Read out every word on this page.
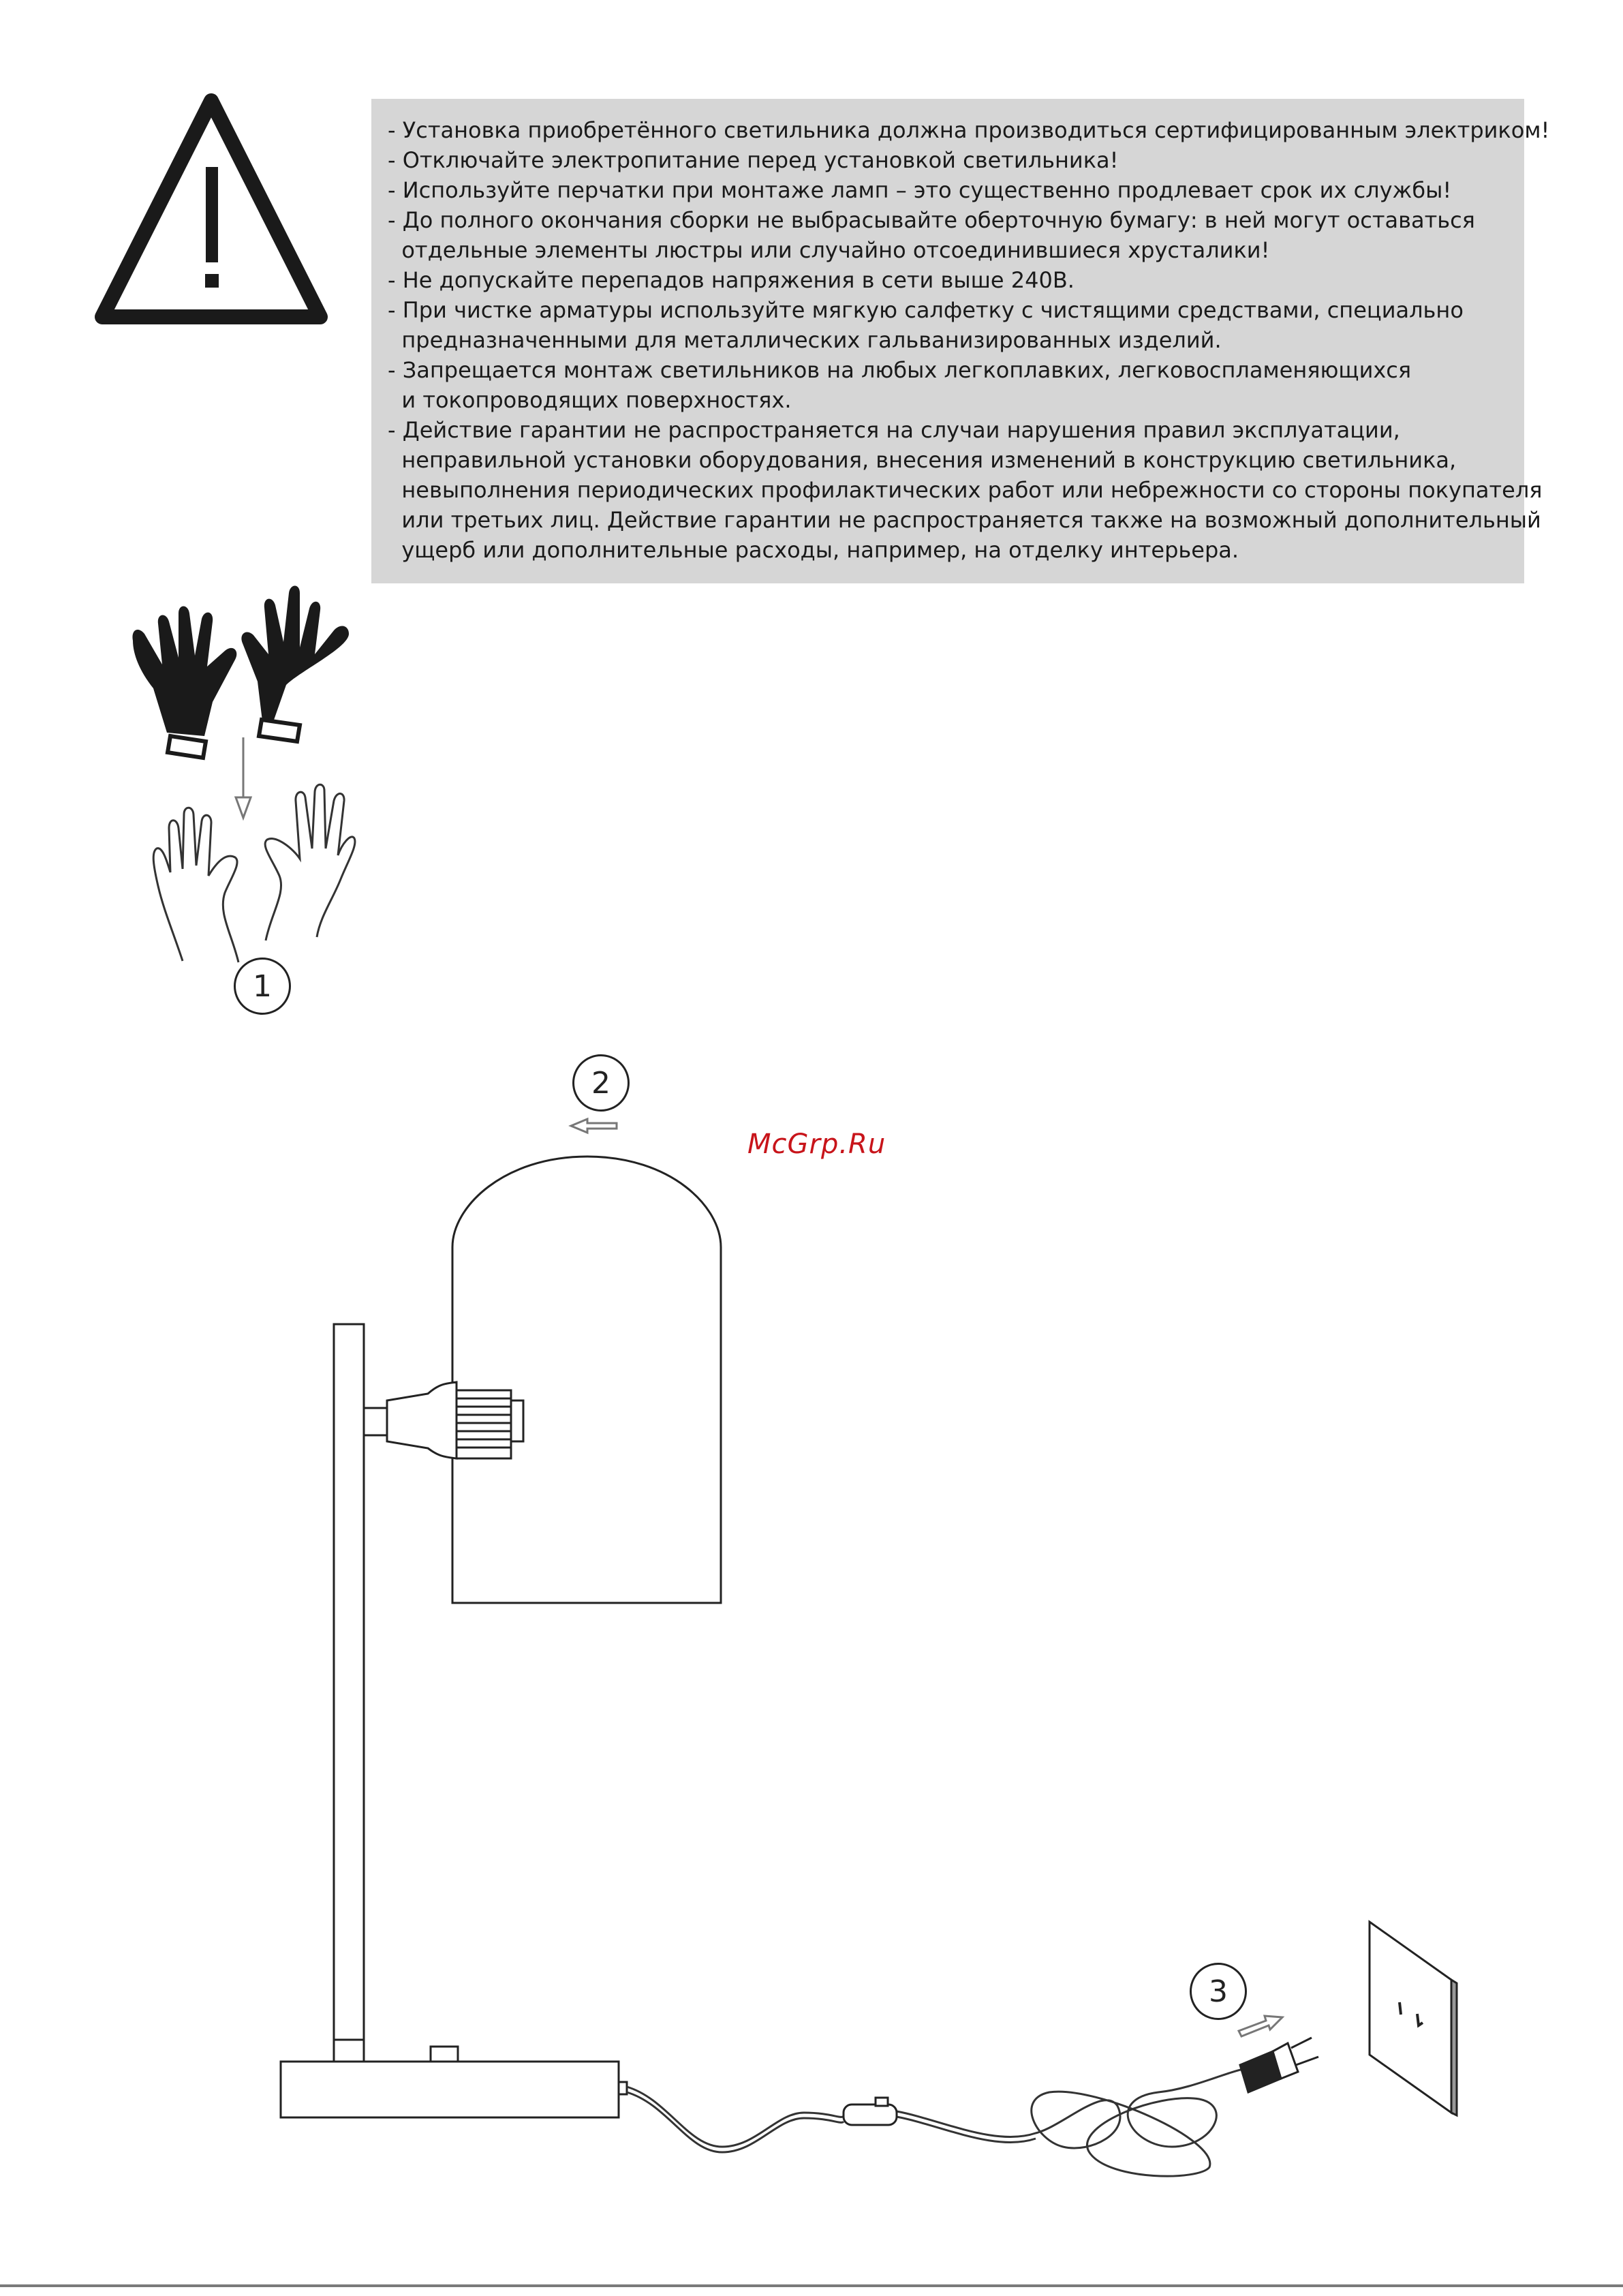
- Установка приобретённого светильника должна производиться сертифицированным электриком!
- Отключайте электропитание перед установкой светильника!
- Используйте перчатки при монтаже ламп – это существенно продлевает срок их службы!
- До полного окончания сборки не выбрасывайте оберточную бумагу: в ней могут оставаться
отдельные элементы люстры или случайно отсоединившиеся хрусталики!
- Не допускайте перепадов напряжения в сети выше 240В.
- При чистке арматуры используйте мягкую салфетку с чистящими средствами, специально
предназначенными для металлических гальванизированных изделий.
- Запрещается монтаж светильников на любых легкоплавких, легковоспламеняющихся
и токопроводящих поверхностях.
- Действие гарантии не распространяется на случаи нарушения правил эксплуатации,
неправильной установки оборудования, внесения изменений в конструкцию светильника,
невыполнения периодических профилактических работ или небрежности со стороны покупателя
или третьих лиц. Действие гарантии не распространяется также на возможный дополнительный
ущерб или дополнительные расходы, например, на отделку интерьера.
1
2
3
McGrp.Ru
